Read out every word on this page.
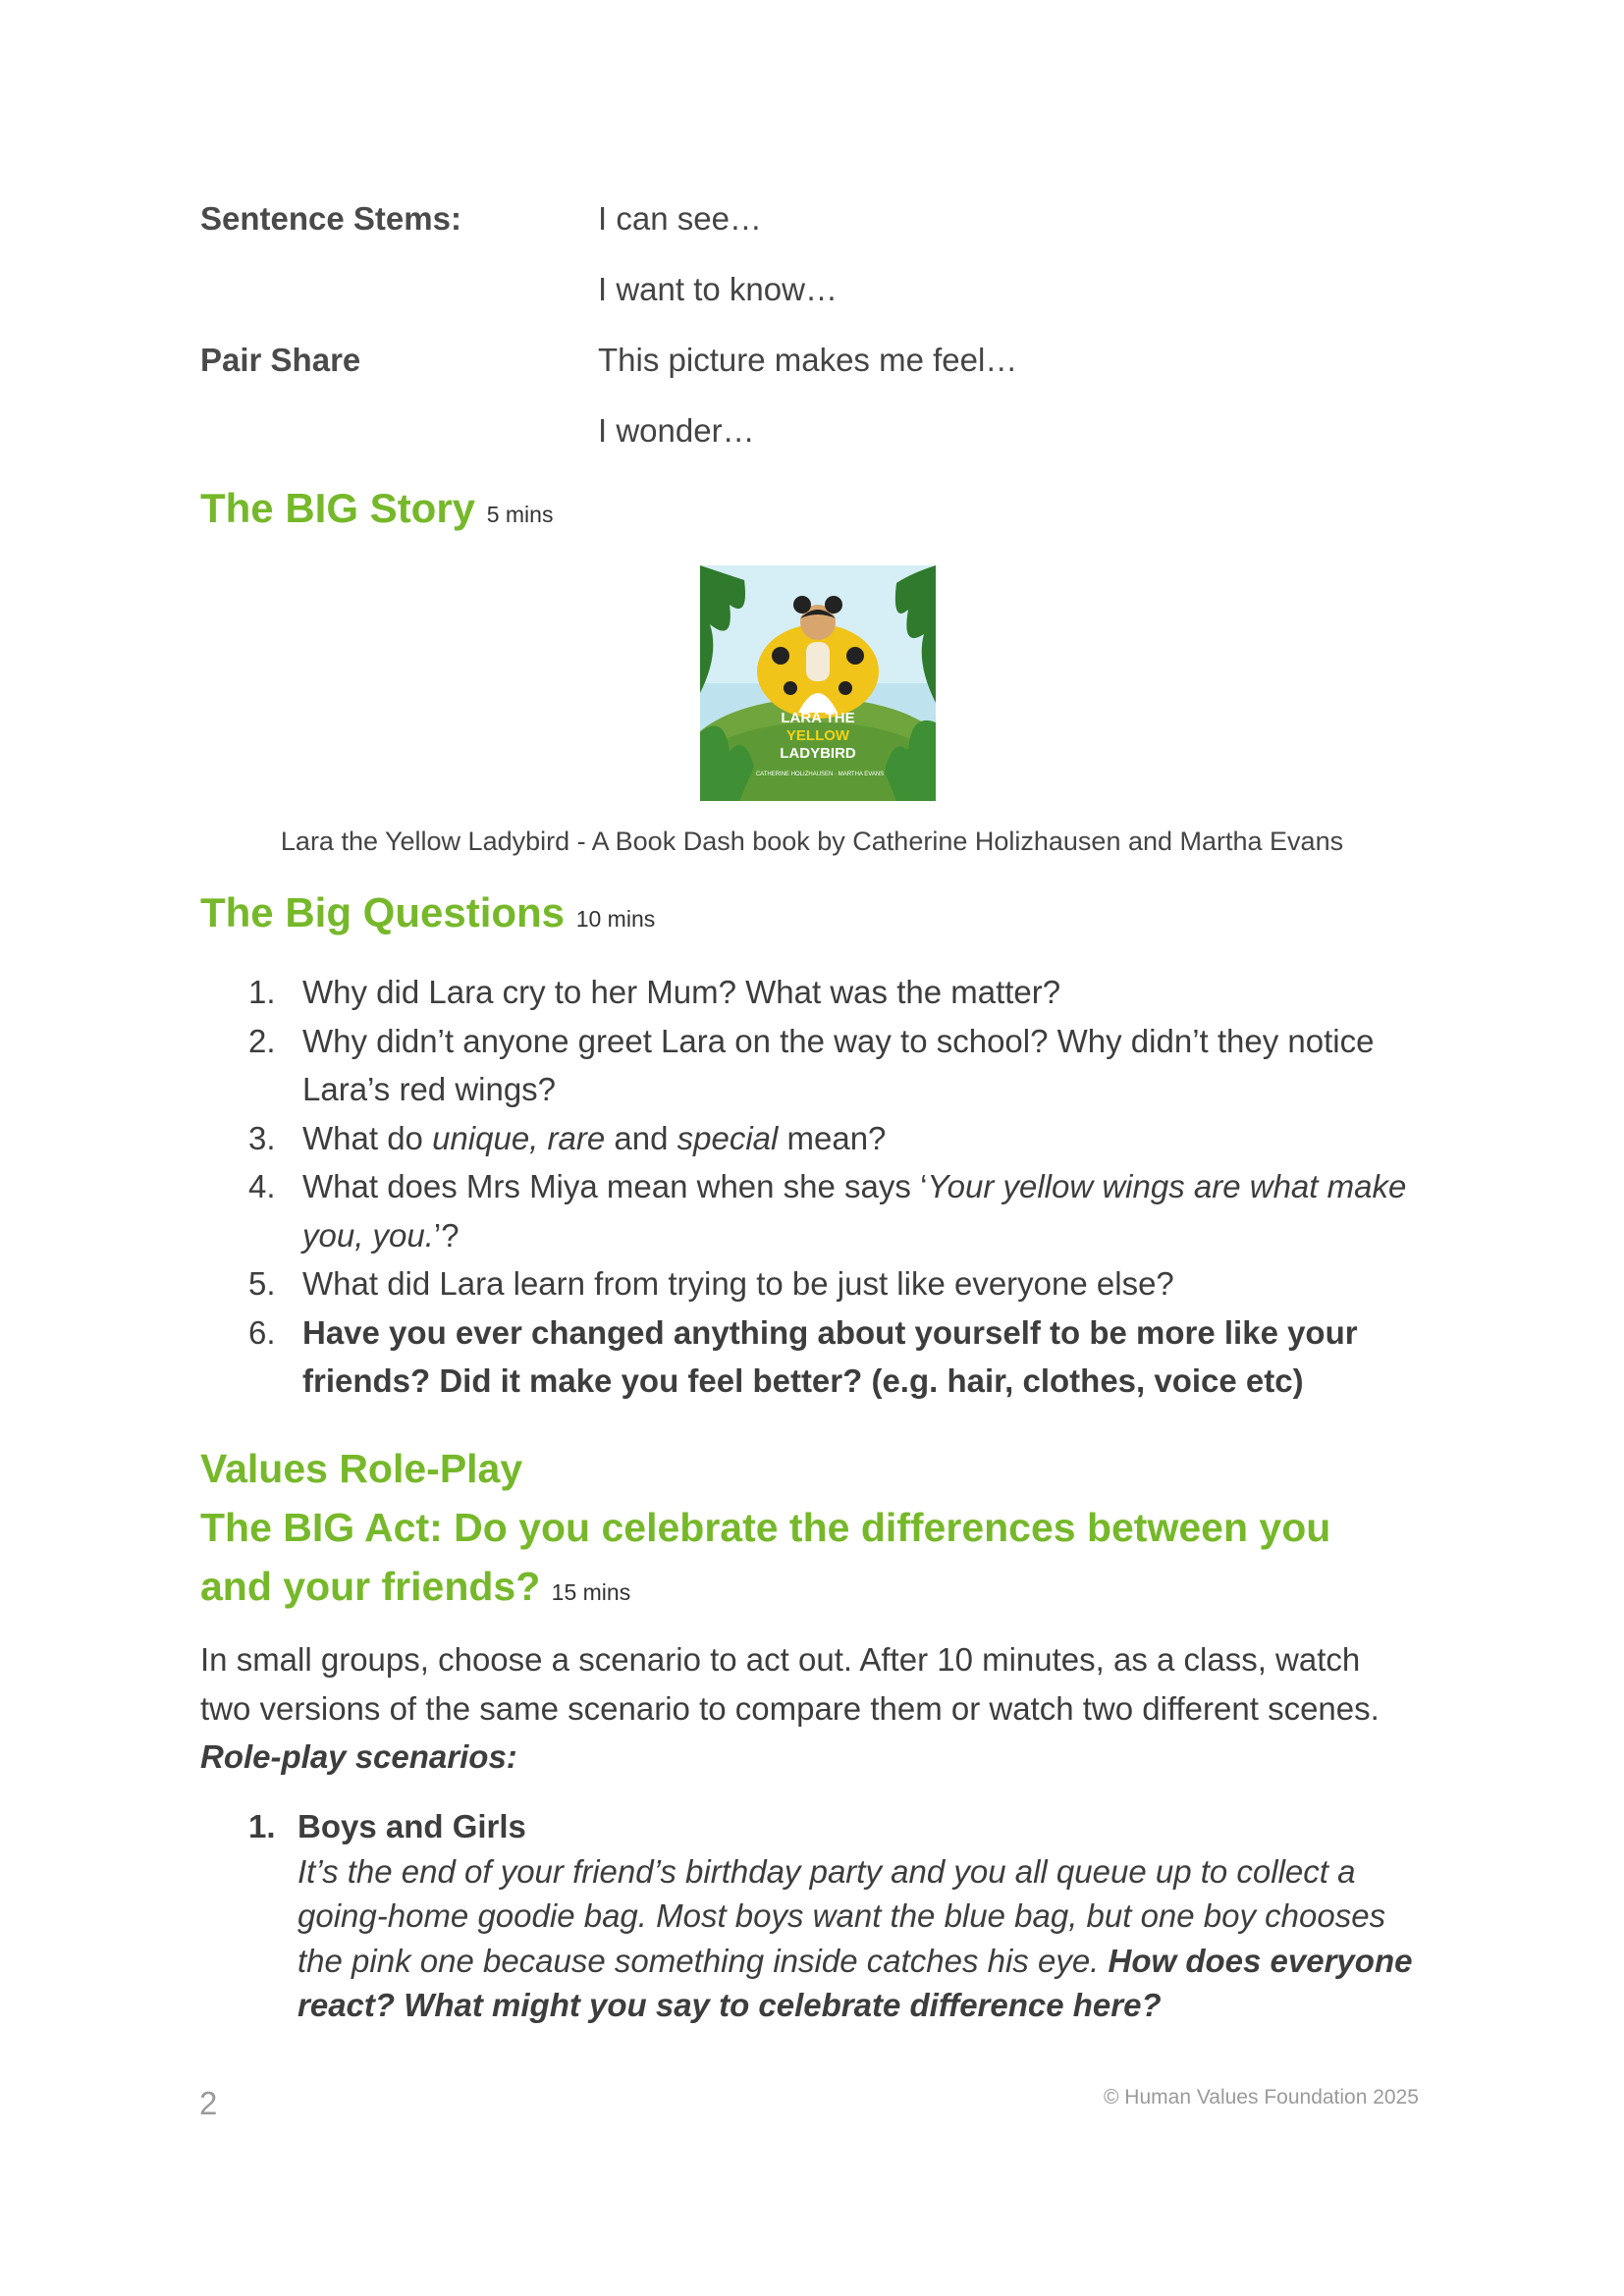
Sentence Stems:
Pair Share
I can see…
I want to know…
This picture makes me feel…
I wonder…
The BIG Story 5 mins
LARA THE
YELLOW
LADYBIRD
CATHERINE HOLIZHAUSEN · MARTHA EVANS
Lara the Yellow Ladybird - A Book Dash book by Catherine Holizhausen and Martha Evans
The Big Questions 10 mins
1. Why did Lara cry to her Mum? What was the matter?
2. Why didn’t anyone greet Lara on the way to school? Why didn’t they notice
Lara’s red wings?
3. What do unique, rare and special mean?
4. What does Mrs Miya mean when she says ‘Your yellow wings are what make
you, you.’?
5. What did Lara learn from trying to be just like everyone else?
6. Have you ever changed anything about yourself to be more like your
friends? Did it make you feel better? (e.g. hair, clothes, voice etc)
Values Role-Play
The BIG Act: Do you celebrate the differences between you
and your friends? 15 mins
In small groups, choose a scenario to act out. After 10 minutes, as a class, watch
two versions of the same scenario to compare them or watch two different scenes.
Role-play scenarios:
1. Boys and Girls
It’s the end of your friend’s birthday party and you all queue up to collect a
going-home goodie bag. Most boys want the blue bag, but one boy chooses
the pink one because something inside catches his eye. How does everyone
react? What might you say to celebrate difference here?
2	© Human Values Foundation 2025
